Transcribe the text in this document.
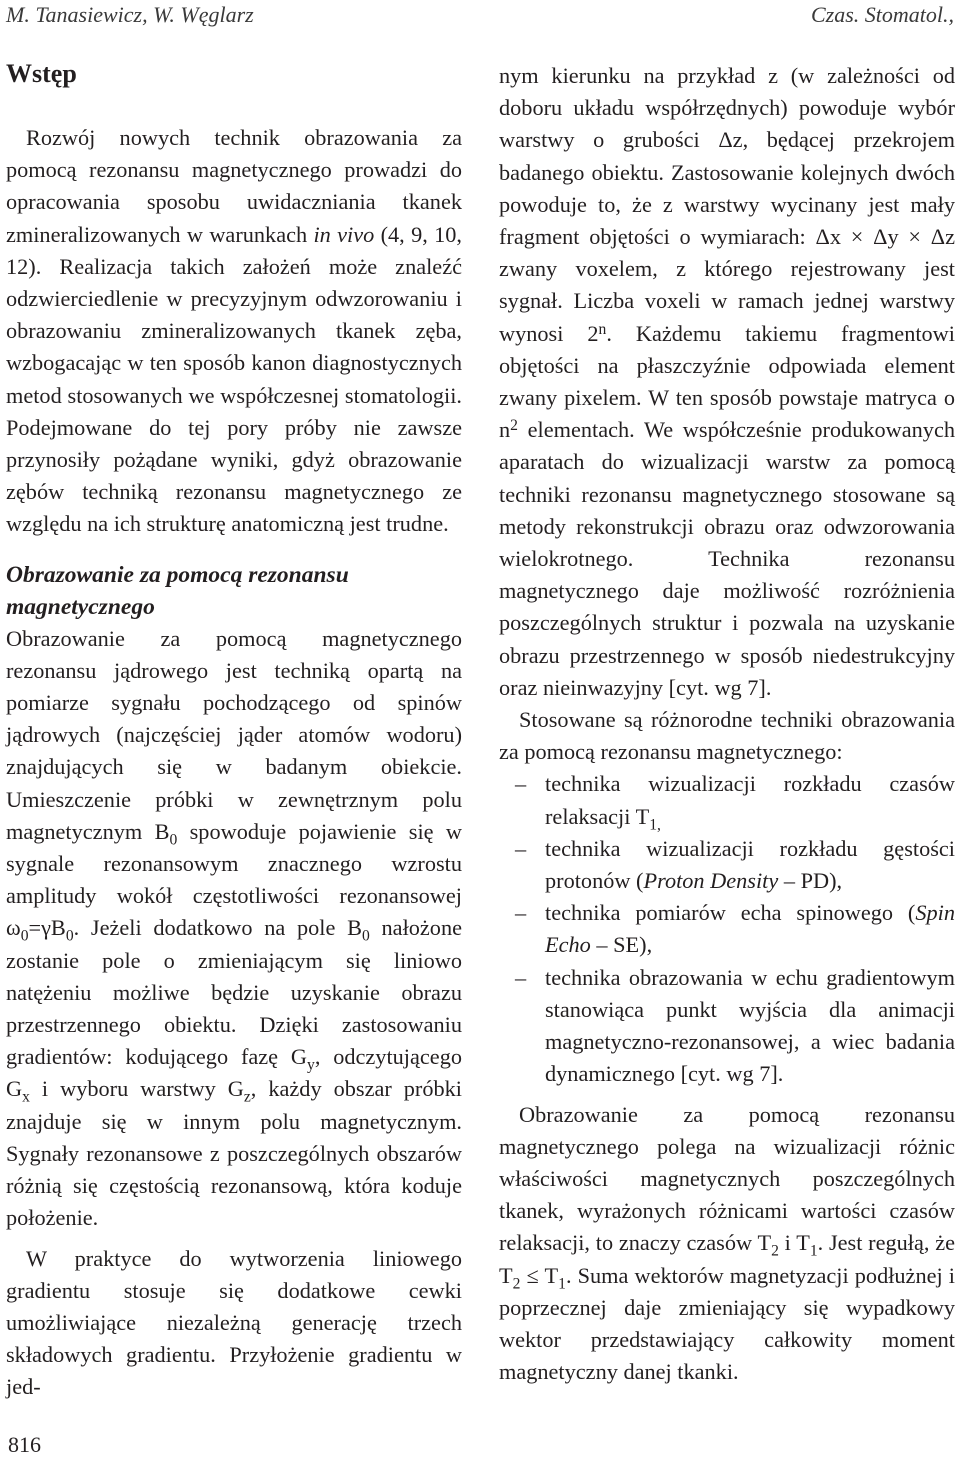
M. Tanasiewicz, W. Węglarz	Czas. Stomatol.,

Wstęp

Rozwój nowych technik obrazowania za pomocą rezonansu magnetycznego prowadzi do opracowania sposobu uwidaczniania tkanek zmineralizowanych w warunkach in vivo (4, 9, 10, 12). Realizacja takich założeń może znaleźć odzwierciedlenie w precyzyjnym odwzorowaniu i obrazowaniu zmineralizowanych tkanek zęba, wzbogacając w ten sposób kanon diagnostycznych metod stosowanych we współczesnej stomatologii. Podejmowane do tej pory próby nie zawsze przynosiły pożądane wyniki, gdyż obrazowanie zębów techniką rezonansu magnetycznego ze względu na ich strukturę anatomiczną jest trudne.

Obrazowanie za pomocą rezonansu magnetycznego

Obrazowanie za pomocą magnetycznego rezonansu jądrowego jest techniką opartą na pomiarze sygnału pochodzącego od spinów jądrowych (najczęściej jąder atomów wodoru) znajdujących się w badanym obiekcie. Umieszczenie próbki w zewnętrznym polu magnetycznym $B_0$ spowoduje pojawienie się w sygnale rezonansowym znacznego wzrostu amplitudy wokół częstotliwości rezonansowej $\omega_0=\gamma B_0$. Jeżeli dodatkowo na pole $B_0$ nałożone zostanie pole o zmieniającym się liniowo natężeniu możliwe będzie uzyskanie obrazu przestrzennego obiektu. Dzięki zastosowaniu gradientów: kodującego fazę $G_y$, odczytującego $G_x$ i wyboru warstwy $G_z$, każdy obszar próbki znajduje się w innym polu magnetycznym. Sygnały rezonansowe z poszczególnych obszarów różnią się częstością rezonansową, która koduje położenie.

W praktyce do wytworzenia liniowego gradientu stosuje się dodatkowe cewki umożliwiające niezależną generację trzech składowych gradientu. Przyłożenie gradientu w jed-

nym kierunku na przykład z (w zależności od doboru układu współrzędnych) powoduje wybór warstwy o grubości Δz, będącej przekrojem badanego obiektu. Zastosowanie kolejnych dwóch powoduje to, że z warstwy wycinany jest mały fragment objętości o wymiarach: Δx × Δy × Δz zwany voxelem, z którego rejestrowany jest sygnał. Liczba voxeli w ramach jednej warstwy wynosi 2$^n$. Każdemu takiemu fragmentowi objętości na płaszczyźnie odpowiada element zwany pixelem. W ten sposób powstaje matryca o $n^2$ elementach. We współcześnie produkowanych aparatach do wizualizacji warstw za pomocą techniki rezonansu magnetycznego stosowane są metody rekonstrukcji obrazu oraz odwzorowania wielokrotnego. Technika rezonansu magnetycznego daje możliwość rozróżnienia poszczególnych struktur i pozwala na uzyskanie obrazu przestrzennego w sposób niedestrukcyjny oraz nieinwazyjny [cyt. wg 7].

Stosowane są różnorodne techniki obrazowania za pomocą rezonansu magnetycznego:

– technika wizualizacji rozkładu czasów relaksacji $T_{1,}$
– technika wizualizacji rozkładu gęstości protonów (Proton Density – PD),
– technika pomiarów echa spinowego (Spin Echo – SE),
– technika obrazowania w echu gradientowym stanowiąca punkt wyjścia dla animacji magnetyczno-rezonansowej, a wiec badania dynamicznego [cyt. wg 7].

Obrazowanie za pomocą rezonansu magnetycznego polega na wizualizacji różnic właściwości magnetycznych poszczególnych tkanek, wyrażonych różnicami wartości czasów relaksacji, to znaczy czasów $T_2$ i $T_1$. Jest regułą, że $T_2 \le T_1$. Suma wektorów magnetyzacji podłużnej i poprzecznej daje zmieniający się wypadkowy wektor przedstawiający całkowity moment magnetyczny danej tkanki.

816
